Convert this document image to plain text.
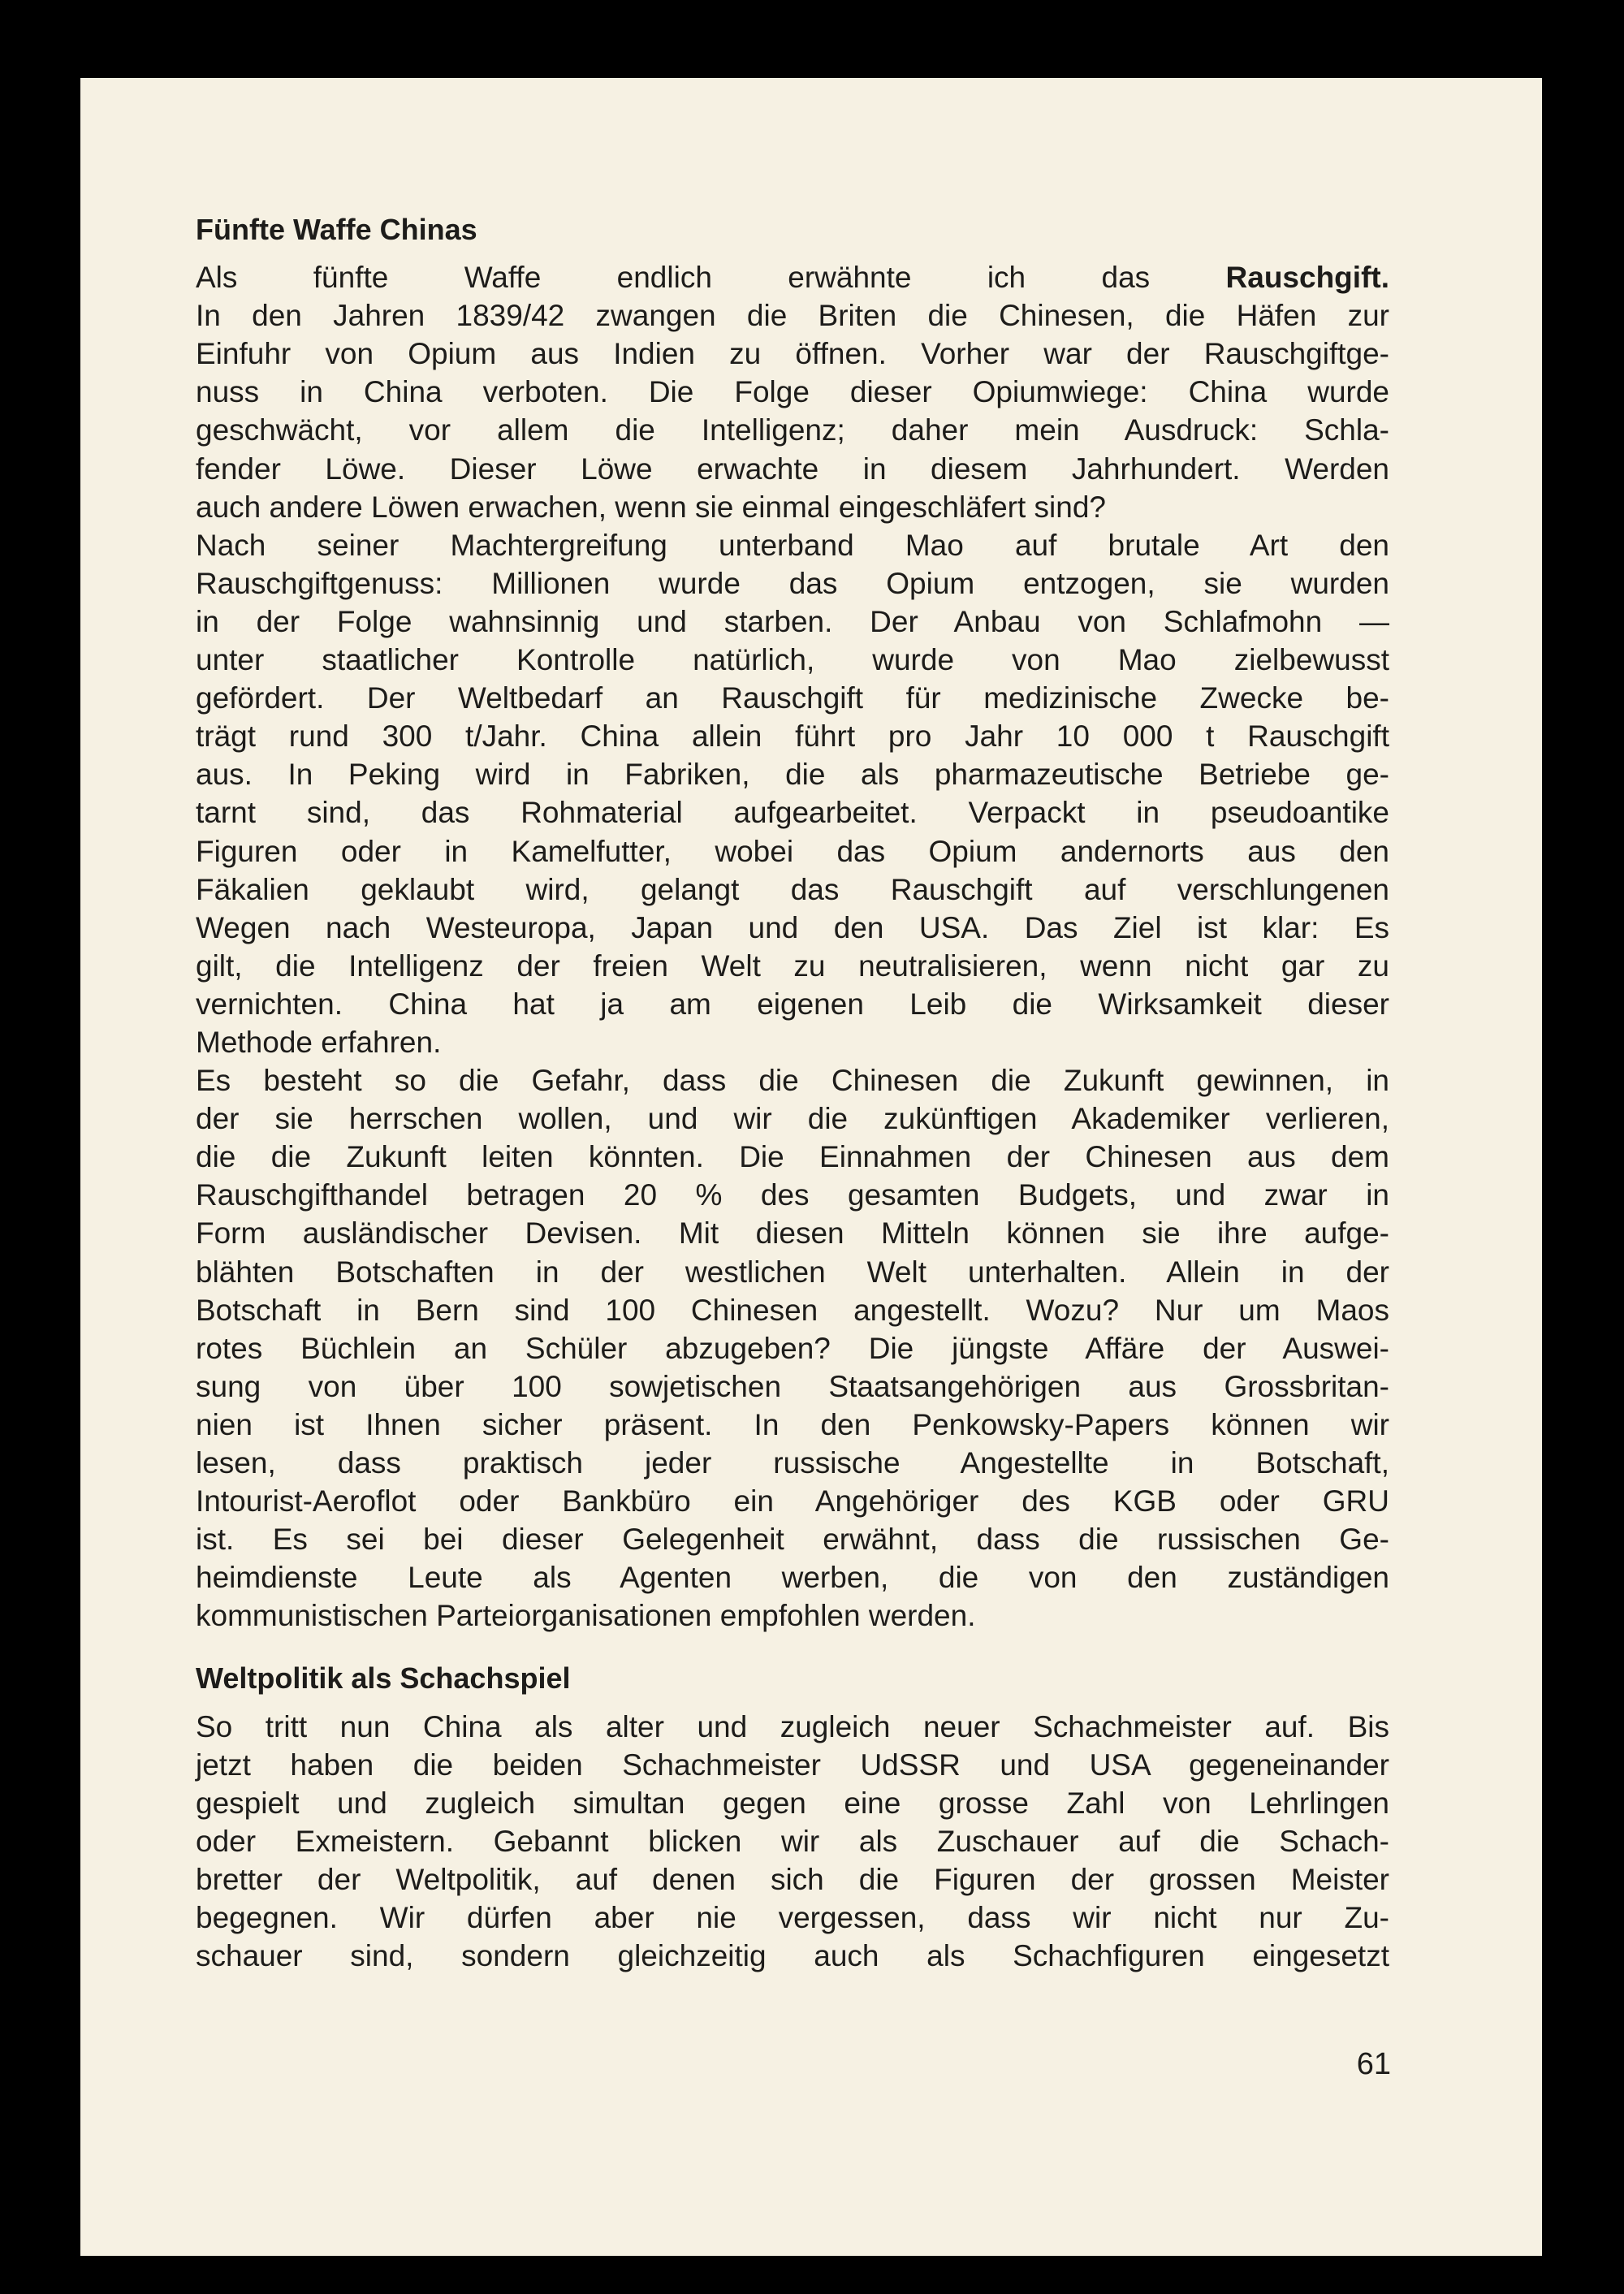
Fünfte Waffe Chinas
Als fünfte Waffe endlich erwähnte ich das Rauschgift.
In den Jahren 1839/42 zwangen die Briten die Chinesen, die Häfen zur
Einfuhr von Opium aus Indien zu öffnen. Vorher war der Rauschgiftge-
nuss in China verboten. Die Folge dieser Opiumwiege: China wurde
geschwächt, vor allem die Intelligenz; daher mein Ausdruck: Schla-
fender Löwe. Dieser Löwe erwachte in diesem Jahrhundert. Werden
auch andere Löwen erwachen, wenn sie einmal eingeschläfert sind?
Nach seiner Machtergreifung unterband Mao auf brutale Art den
Rauschgiftgenuss: Millionen wurde das Opium entzogen, sie wurden
in der Folge wahnsinnig und starben. Der Anbau von Schlafmohn —
unter staatlicher Kontrolle natürlich, wurde von Mao zielbewusst
gefördert. Der Weltbedarf an Rauschgift für medizinische Zwecke be-
trägt rund 300 t/Jahr. China allein führt pro Jahr 10 000 t Rauschgift
aus. In Peking wird in Fabriken, die als pharmazeutische Betriebe ge-
tarnt sind, das Rohmaterial aufgearbeitet. Verpackt in pseudoantike
Figuren oder in Kamelfutter, wobei das Opium andernorts aus den
Fäkalien geklaubt wird, gelangt das Rauschgift auf verschlungenen
Wegen nach Westeuropa, Japan und den USA. Das Ziel ist klar: Es
gilt, die Intelligenz der freien Welt zu neutralisieren, wenn nicht gar zu
vernichten. China hat ja am eigenen Leib die Wirksamkeit dieser
Methode erfahren.
Es besteht so die Gefahr, dass die Chinesen die Zukunft gewinnen, in
der sie herrschen wollen, und wir die zukünftigen Akademiker verlieren,
die die Zukunft leiten könnten. Die Einnahmen der Chinesen aus dem
Rauschgifthandel betragen 20 % des gesamten Budgets, und zwar in
Form ausländischer Devisen. Mit diesen Mitteln können sie ihre aufge-
blähten Botschaften in der westlichen Welt unterhalten. Allein in der
Botschaft in Bern sind 100 Chinesen angestellt. Wozu? Nur um Maos
rotes Büchlein an Schüler abzugeben? Die jüngste Affäre der Auswei-
sung von über 100 sowjetischen Staatsangehörigen aus Grossbritan-
nien ist Ihnen sicher präsent. In den Penkowsky-Papers können wir
lesen, dass praktisch jeder russische Angestellte in Botschaft,
Intourist-Aeroflot oder Bankbüro ein Angehöriger des KGB oder GRU
ist. Es sei bei dieser Gelegenheit erwähnt, dass die russischen Ge-
heimdienste Leute als Agenten werben, die von den zuständigen
kommunistischen Parteiorganisationen empfohlen werden.
Weltpolitik als Schachspiel
So tritt nun China als alter und zugleich neuer Schachmeister auf. Bis
jetzt haben die beiden Schachmeister UdSSR und USA gegeneinander
gespielt und zugleich simultan gegen eine grosse Zahl von Lehrlingen
oder Exmeistern. Gebannt blicken wir als Zuschauer auf die Schach-
bretter der Weltpolitik, auf denen sich die Figuren der grossen Meister
begegnen. Wir dürfen aber nie vergessen, dass wir nicht nur Zu-
schauer sind, sondern gleichzeitig auch als Schachfiguren eingesetzt
61
